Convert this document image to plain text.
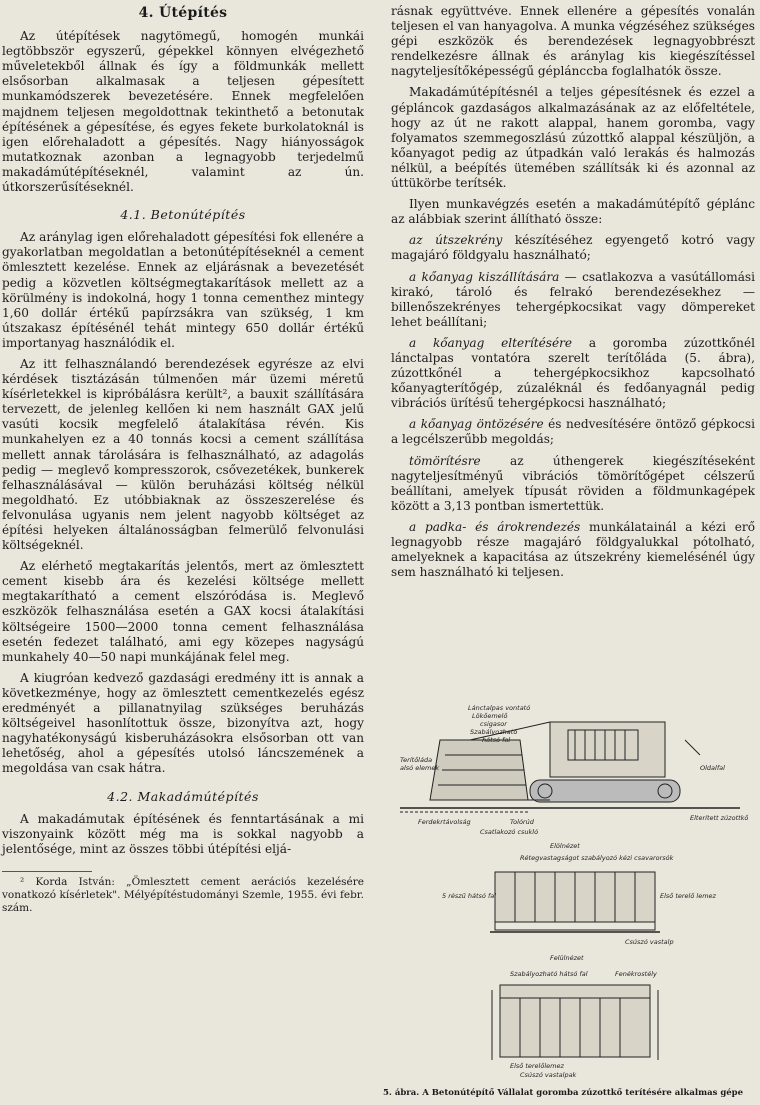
4. Útépítés

Az útépítések nagytömegű, homogén munkái legtöbbször egyszerű, gépekkel könnyen elvégezhető műveletekből állnak és így a földmunkák mellett elsősorban alkalmasak a teljesen gépesített munkamódszerek bevezetésére. Ennek megfelelően majdnem teljesen megoldottnak tekinthető a betonutak építésének a gépesítése, és egyes fekete burkolatoknál is igen előrehaladott a gépesítés. Nagy hiányosságok mutatkoznak azonban a legnagyobb terjedelmű makadámútépítéseknél, valamint az ún. útkorszerűsítéseknél.

4.1. Betonútépítés

Az aránylag igen előrehaladott gépesítési fok ellenére a gyakorlatban megoldatlan a betonútépítéseknél a cement ömlesztett kezelése. Ennek az eljárásnak a bevezetését pedig a közvetlen költségmegtakarítások mellett az a körülmény is indokolná, hogy 1 tonna cementhez mintegy 1,60 dollár értékű papírzsákra van szükség, 1 km útszakasz építésénél tehát mintegy 650 dollár értékű importanyag használódik el.

Az itt felhasználandó berendezések egyrésze az elvi kérdések tisztázásán túlmenően már üzemi méretű kísérletekkel is kipróbálásra került², a bauxit szállítására tervezett, de jelenleg kellően ki nem használt GAX jelű vasúti kocsik megfelelő átalakítása révén. Kis munkahelyen ez a 40 tonnás kocsi a cement szállítása mellett annak tárolására is felhasználható, az adagolás pedig — meglevő kompresszorok, csővezetékek, bunkerek felhasználásával — külön beruházási költség nélkül megoldható. Ez utóbbiaknak az összeszerelése és felvonulása ugyanis nem jelent nagyobb költséget az építési helyeken általánosságban felmerülő felvonulási költségeknél.

Az elérhető megtakarítás jelentős, mert az ömlesztett cement kisebb ára és kezelési költsége mellett megtakarítható a cement elszóródása is. Meglevő eszközök felhasználása esetén a GAX kocsi átalakítási költségeire 1500—2000 tonna cement felhasználása esetén fedezet található, ami egy közepes nagyságú munkahely 40—50 napi munkájának felel meg.

A kiugróan kedvező gazdasági eredmény itt is annak a következménye, hogy az ömlesztett cementkezelés egész eredményét a pillanatnyilag szükséges beruházás költségeivel hasonlítottuk össze, bizonyítva azt, hogy nagyhatékonyságú kisberuházásokra elsősorban ott van lehetőség, ahol a gépesítés utolsó láncszemének a megoldása van csak hátra.

4.2. Makadámútépítés

A makadámutak építésének és fenntartásának a mi viszonyaink között még ma is sokkal nagyobb a jelentősége, mint az összes többi útépítési eljá-

² Korda István: „Ömlesztett cement aerációs kezelésére vonatkozó kísérletek". Mélyépítéstudományi Szemle, 1955. évi febr. szám.

rásnak együttvéve. Ennek ellenére a gépesítés vonalán teljesen el van hanyagolva. A munka végzéséhez szükséges gépi eszközök és berendezések legnagyobbrészt rendelkezésre állnak és aránylag kis kiegészítéssel nagyteljesítőképességű géplánccba foglalhatók össze.

Makadámútépítésnél a teljes gépesítésnek és ezzel a gépláncok gazdaságos alkalmazásának az az előfeltétele, hogy az út ne rakott alappal, hanem goromba, vagy folyamatos szemmegoszlású zúzottkő alappal készüljön, a kőanyagot pedig az útpadkán való lerakás és halmozás nélkül, a beépítés ütemében szállítsák ki és azonnal az úttükörbe terítsék.

Ilyen munkavégzés esetén a makadámútépítő géplánc az alábbiak szerint állítható össze:

az útszekrény készítéséhez egyengető kotró vagy magajáró földgyalu használható;

a kőanyag kiszállítására — csatlakozva a vasútállomási kirakó, tároló és felrakó berendezésekhez — billenőszekrényes tehergépkocsikat vagy dömpereket lehet beállítani;

a kőanyag elterítésére a goromba zúzottkőnél lánctalpas vontatóra szerelt terítőláda (5. ábra), zúzottkőnél a tehergépkocsikhoz kapcsolható kőanyagterítőgép, zúzaléknál és fedőanyagnál pedig vibrációs ürítésű tehergépkocsi használható;

a kőanyag öntözésére és nedvesítésére öntöző gépkocsi a legcélszerűbb megoldás;

tömörítésre az úthengerek kiegészítéseként nagyteljesítményű vibrációs tömörítőgépet célszerű beállítani, amelyek típusát röviden a földmunkagépek között a 3,13 pontban ismertettük.

a padka- és árokrendezés munkálatainál a kézi erő legnagyobb része magajáró földgyalukkal pótolható, amelyeknek a kapacitása az útszekrény kiemelésénél úgy sem használható ki teljesen.

Lánctalpas vontató
Lökőemelő
csigasor
Szabályozható
hátsó fal
Terítőláda
alsó elemek
Ferdekrtávolság	Tolórúd
Csatlakozó csukló
Oldalfal
Elterített zúzottkő
Elölnézet
Rétegvastagságot szabályozó kézi csavarorsók
Első terelő lemez
5 részű hátsó fal
Csúszó vastalp
Felülnézet
Szabályozható hátsó fal	Fenékrostély
Első terelőlemez
Csúszó vastalpak
5. ábra. A Betonútépítő Vállalat goromba zúzottkő terítésére alkalmas gépe
